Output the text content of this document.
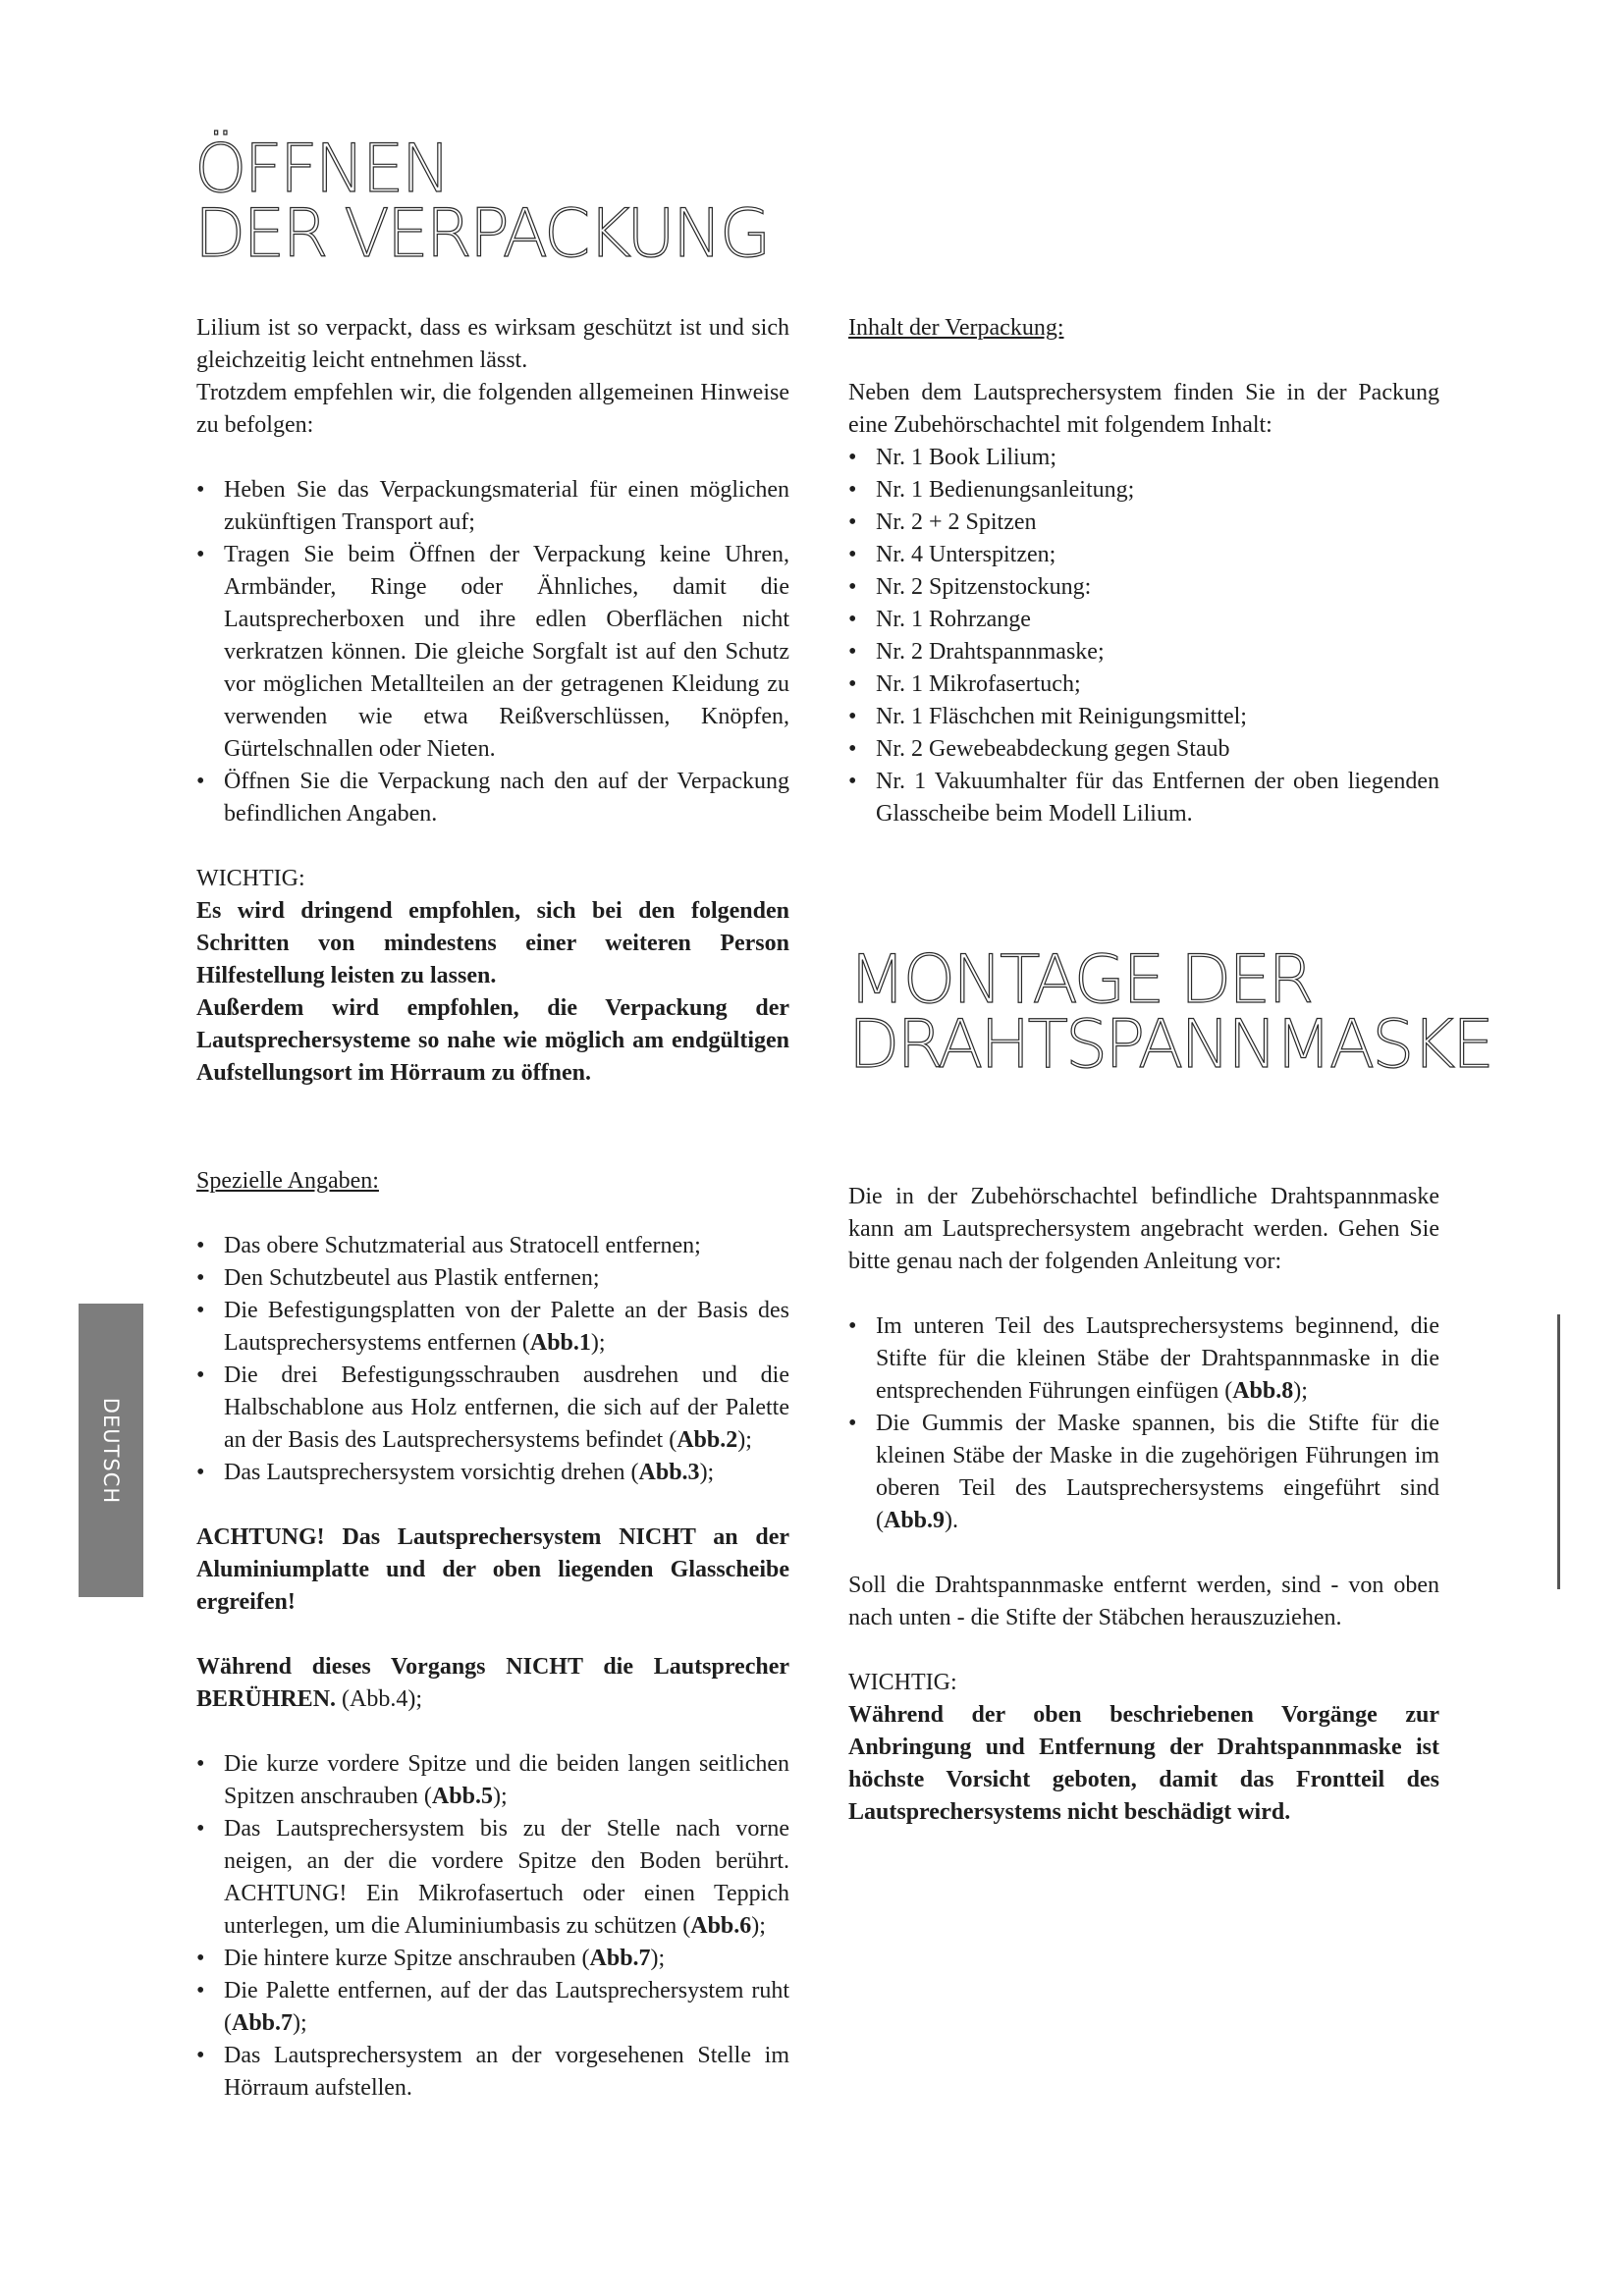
ÖFFNEN
DER VERPACKUNG

Lilium ist so verpackt, dass es wirksam geschützt ist und sich gleichzeitig leicht entnehmen lässt.

Trotzdem empfehlen wir, die folgenden allgemeinen Hinweise zu befolgen:

• Heben Sie das Verpackungsmaterial für einen möglichen zukünftigen Transport auf;
• Tragen Sie beim Öffnen der Verpackung keine Uhren, Armbänder, Ringe oder Ähnliches, damit die Lautsprecherboxen und ihre edlen Oberflächen nicht verkratzen können. Die gleiche Sorgfalt ist auf den Schutz vor möglichen Metallteilen an der getragenen Kleidung zu verwenden wie etwa Reißverschlüssen, Knöpfen, Gürtelschnallen oder Nieten.
• Öffnen Sie die Verpackung nach den auf der Verpackung befindlichen Angaben.

WICHTIG:

Es wird dringend empfohlen, sich bei den folgenden Schritten von mindestens einer weiteren Person Hilfestellung leisten zu lassen.

Außerdem wird empfohlen, die Verpackung der Lautsprechersysteme so nahe wie möglich am endgültigen Aufstellungsort im Hörraum zu öffnen.

Spezielle Angaben:

• Das obere Schutzmaterial aus Stratocell entfernen;
• Den Schutzbeutel aus Plastik entfernen;
• Die Befestigungsplatten von der Palette an der Basis des Lautsprechersystems entfernen (Abb.1);
• Die drei Befestigungsschrauben ausdrehen und die Halbschablone aus Holz entfernen, die sich auf der Palette an der Basis des Lautsprechersystems befindet (Abb.2);
• Das Lautsprechersystem vorsichtig drehen (Abb.3);

ACHTUNG! Das Lautsprechersystem NICHT an der Aluminiumplatte und der oben liegenden Glasscheibe ergreifen!

Während dieses Vorgangs NICHT die Lautsprecher BERÜHREN. (Abb.4);

• Die kurze vordere Spitze und die beiden langen seitlichen Spitzen anschrauben (Abb.5);
• Das Lautsprechersystem bis zu der Stelle nach vorne neigen, an der die vordere Spitze den Boden berührt. ACHTUNG! Ein Mikrofasertuch oder einen Teppich unterlegen, um die Aluminiumbasis zu schützen (Abb.6);
• Die hintere kurze Spitze anschrauben (Abb.7);
• Die Palette entfernen, auf der das Lautsprechersystem ruht (Abb.7);
• Das Lautsprechersystem an der vorgesehenen Stelle im Hörraum aufstellen.

Inhalt der Verpackung:

Neben dem Lautsprechersystem finden Sie in der Packung eine Zubehörschachtel mit folgendem Inhalt:

• Nr. 1 Book Lilium;
• Nr. 1 Bedienungsanleitung;
• Nr. 2 + 2 Spitzen
• Nr. 4 Unterspitzen;
• Nr. 2 Spitzenstockung:
• Nr. 1 Rohrzange
• Nr. 2 Drahtspannmaske;
• Nr. 1 Mikrofasertuch;
• Nr. 1 Fläschchen mit Reinigungsmittel;
• Nr. 2 Gewebeabdeckung gegen Staub
• Nr. 1 Vakuumhalter für das Entfernen der oben liegenden Glasscheibe beim Modell Lilium.
MONTAGE DER
DRAHTSPANNMASKE

Die in der Zubehörschachtel befindliche Drahtspannmaske kann am Lautsprechersystem angebracht werden. Gehen Sie bitte genau nach der folgenden Anleitung vor:

• Im unteren Teil des Lautsprechersystems beginnend, die Stifte für die kleinen Stäbe der Drahtspannmaske in die entsprechenden Führungen einfügen (Abb.8);
• Die Gummis der Maske spannen, bis die Stifte für die kleinen Stäbe der Maske in die zugehörigen Führungen im oberen Teil des Lautsprechersystems eingeführt sind (Abb.9).

Soll die Drahtspannmaske entfernt werden, sind - von oben nach unten - die Stifte der Stäbchen herauszuziehen.

WICHTIG:

Während der oben beschriebenen Vorgänge zur Anbringung und Entfernung der Drahtspannmaske ist höchste Vorsicht geboten, damit das Frontteil des Lautsprechersystems nicht beschädigt wird.

DEUTSCH
